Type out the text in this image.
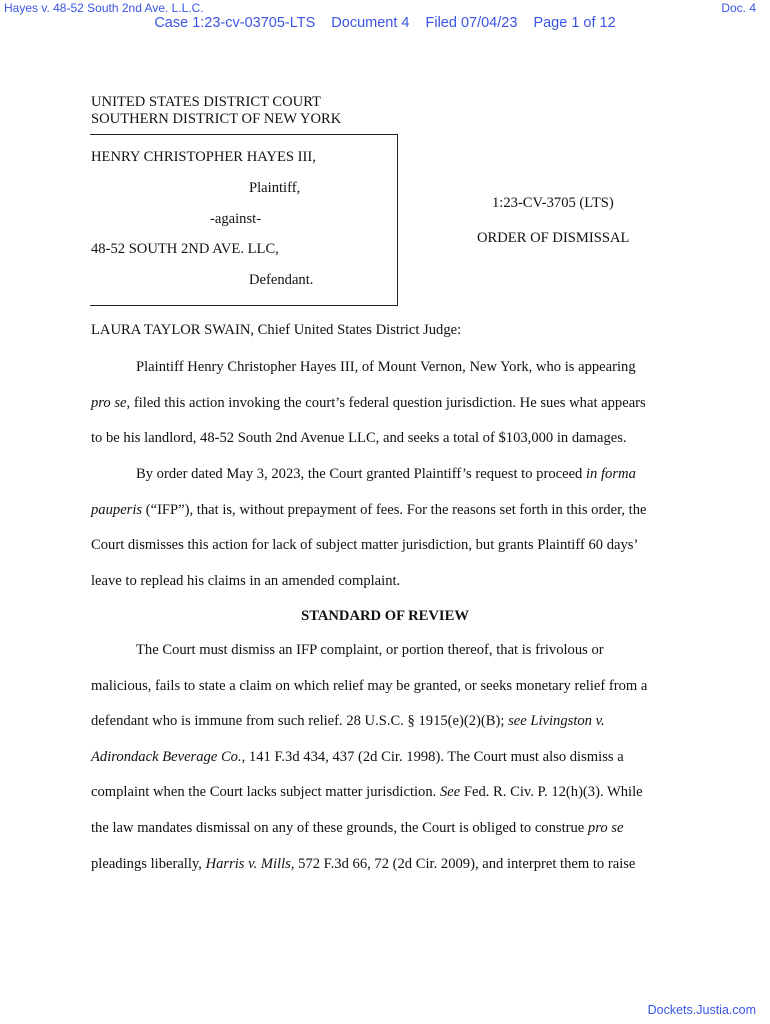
Hayes v. 48-52 South 2nd Ave. L.L.C.	Doc. 4
Case 1:23-cv-03705-LTS Document 4 Filed 07/04/23 Page 1 of 12
UNITED STATES DISTRICT COURT
SOUTHERN DISTRICT OF NEW YORK
HENRY CHRISTOPHER HAYES III,
Plaintiff,
-against-
48-52 SOUTH 2ND AVE. LLC,
Defendant.
1:23-CV-3705 (LTS)
ORDER OF DISMISSAL
LAURA TAYLOR SWAIN, Chief United States District Judge:
Plaintiff Henry Christopher Hayes III, of Mount Vernon, New York, who is appearing
pro se, filed this action invoking the court’s federal question jurisdiction. He sues what appears
to be his landlord, 48-52 South 2nd Avenue LLC, and seeks a total of $103,000 in damages.
By order dated May 3, 2023, the Court granted Plaintiff’s request to proceed in forma
pauperis (“IFP”), that is, without prepayment of fees. For the reasons set forth in this order, the
Court dismisses this action for lack of subject matter jurisdiction, but grants Plaintiff 60 days’
leave to replead his claims in an amended complaint.
STANDARD OF REVIEW
The Court must dismiss an IFP complaint, or portion thereof, that is frivolous or
malicious, fails to state a claim on which relief may be granted, or seeks monetary relief from a
defendant who is immune from such relief. 28 U.S.C. § 1915(e)(2)(B); see Livingston v.
Adirondack Beverage Co., 141 F.3d 434, 437 (2d Cir. 1998). The Court must also dismiss a
complaint when the Court lacks subject matter jurisdiction. See Fed. R. Civ. P. 12(h)(3). While
the law mandates dismissal on any of these grounds, the Court is obliged to construe pro se
pleadings liberally, Harris v. Mills, 572 F.3d 66, 72 (2d Cir. 2009), and interpret them to raise
Dockets.Justia.com
